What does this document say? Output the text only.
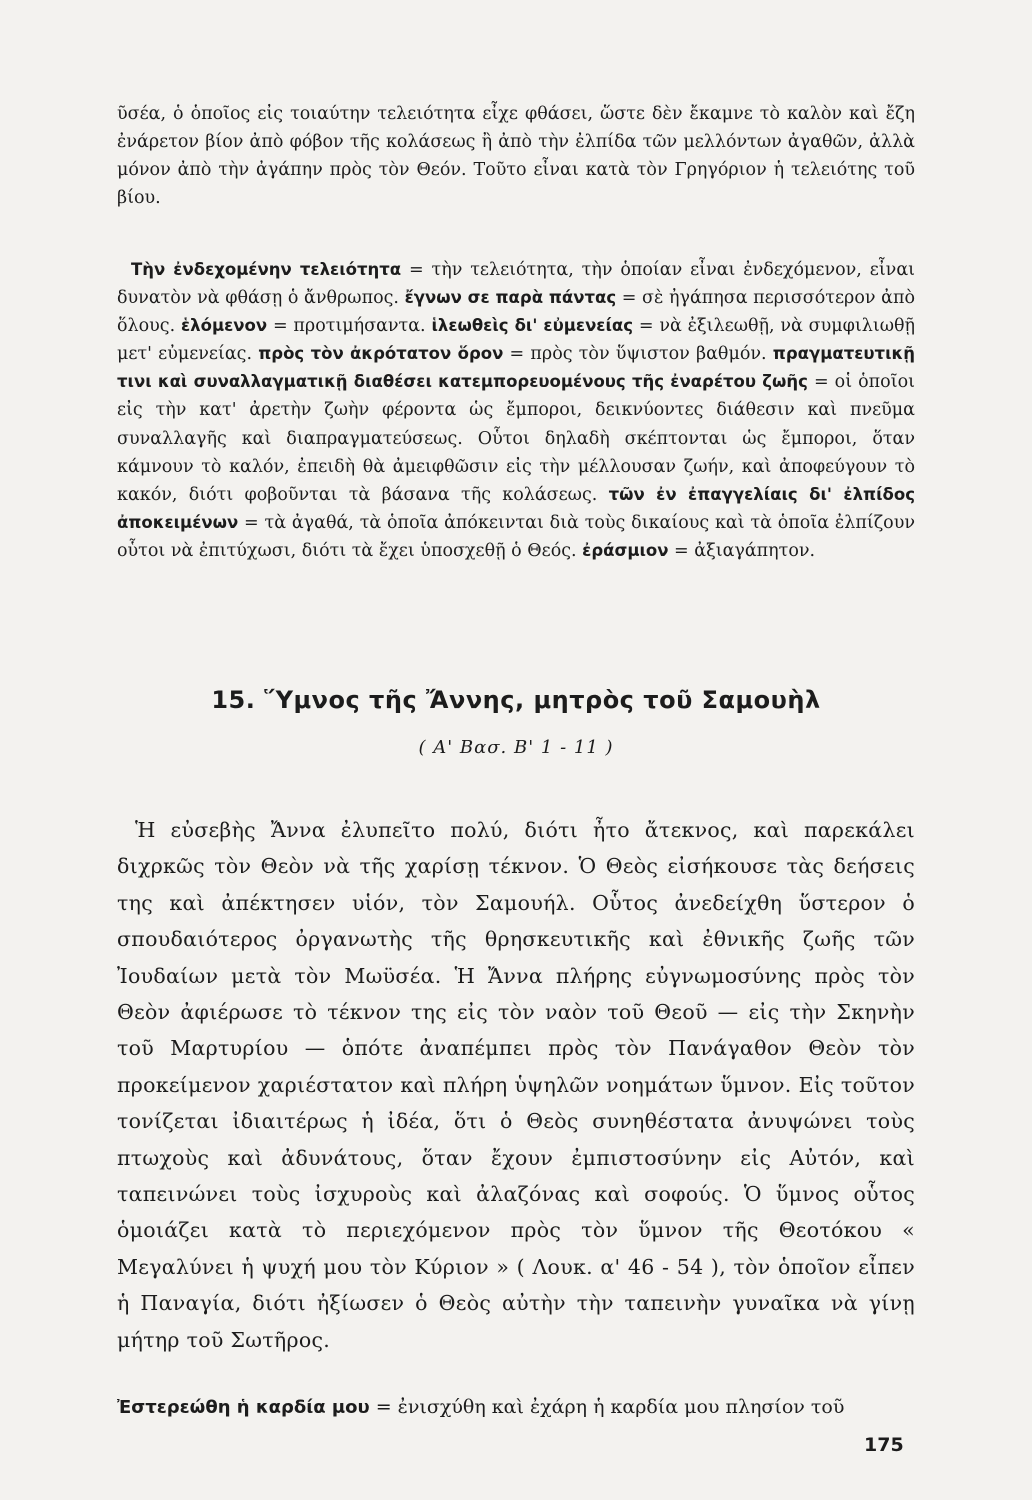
ῦσέα, ὁ ὁποῖος εἰς τοιαύτην τελειότητα εἶχε φθάσει, ὥστε δὲν ἔκαμνε τὸ καλὸν καὶ ἔζη ἐνάρετον βίον ἀπὸ φόβον τῆς κολάσεως ἢ ἀπὸ τὴν ἐλπίδα τῶν μελλόντων ἀγαθῶν, ἀλλὰ μόνον ἀπὸ τὴν ἀγάπην πρὸς τὸν Θεόν. Τοῦτο εἶναι κατὰ τὸν Γρηγόριον ἡ τελειότης τοῦ βίου.

Τὴν ἐνδεχομένην τελειότητα = τὴν τελειότητα, τὴν ὁποίαν εἶναι ἐνδεχόμενον, εἶναι δυνατὸν νὰ φθάσῃ ὁ ἄνθρωπος. ἔγνων σε παρὰ πάντας = σὲ ἠγάπησα περισσότερον ἀπὸ ὅλους. ἑλόμενον = προτιμήσαντα. ἱλεωθεὶς δι' εὐμενείας = νὰ ἐξιλεωθῇ, νὰ συμφιλιωθῇ μετ' εὐμενείας. πρὸς τὸν ἀκρότατον ὅρον = πρὸς τὸν ὕψιστον βαθμόν. πραγματευτικῇ τινι καὶ συναλλαγματικῇ διαθέσει κατεμπορευομένους τῆς ἐναρέτου ζωῆς = οἱ ὁποῖοι εἰς τὴν κατ' ἀρετὴν ζωὴν φέροντα ὡς ἔμποροι, δεικνύοντες διάθεσιν καὶ πνεῦμα συναλλαγῆς καὶ διαπραγματεύσεως. Οὗτοι δηλαδὴ σκέπτονται ὡς ἔμποροι, ὅταν κάμνουν τὸ καλόν, ἐπειδὴ θὰ ἀμειφθῶσιν εἰς τὴν μέλλουσαν ζωήν, καὶ ἀποφεύγουν τὸ κακόν, διότι φοβοῦνται τὰ βάσανα τῆς κολάσεως. τῶν ἐν ἐπαγγελίαις δι' ἐλπίδος ἀποκειμένων = τὰ ἀγαθά, τὰ ὁποῖα ἀπόκεινται διὰ τοὺς δικαίους καὶ τὰ ὁποῖα ἐλπίζουν οὗτοι νὰ ἐπιτύχωσι, διότι τὰ ἔχει ὑποσχεθῇ ὁ Θεός. ἐράσμιον = ἀξιαγάπητον.

15. Ὕμνος τῆς Ἄννης, μητρὸς τοῦ Σαμουὴλ
( Α' Βασ. Β' 1 - 11 )

Ἡ εὐσεβὴς Ἄννα ἐλυπεῖτο πολύ, διότι ἦτο ἄτεκνος, καὶ παρεκάλει διχρκῶς τὸν Θεὸν νὰ τῆς χαρίσῃ τέκνον. Ὁ Θεὸς εἰσήκουσε τὰς δεήσεις της καὶ ἀπέκτησεν υἱόν, τὸν Σαμουήλ. Οὗτος ἀνεδείχθη ὕστερον ὁ σπουδαιότερος ὀργανωτὴς τῆς θρησκευτικῆς καὶ ἐθνικῆς ζωῆς τῶν Ἰουδαίων μετὰ τὸν Μωϋσέα. Ἡ Ἄννα πλήρης εὐγνωμοσύνης πρὸς τὸν Θεὸν ἀφιέρωσε τὸ τέκνον της εἰς τὸν ναὸν τοῦ Θεοῦ — εἰς τὴν Σκηνὴν τοῦ Μαρτυρίου — ὁπότε ἀναπέμπει πρὸς τὸν Πανάγαθον Θεὸν τὸν προκείμενον χαριέστατον καὶ πλήρη ὑψηλῶν νοημάτων ὕμνον. Εἰς τοῦτον τονίζεται ἰδιαιτέρως ἡ ἰδέα, ὅτι ὁ Θεὸς συνηθέστατα ἀνυψώνει τοὺς πτωχοὺς καὶ ἀδυνάτους, ὅταν ἔχουν ἐμπιστοσύνην εἰς Αὐτόν, καὶ ταπεινώνει τοὺς ἰσχυροὺς καὶ ἀλαζόνας καὶ σοφούς. Ὁ ὕμνος οὗτος ὁμοιάζει κατὰ τὸ περιεχόμενον πρὸς τὸν ὕμνον τῆς Θεοτόκου « Μεγαλύνει ἡ ψυχή μου τὸν Κύριον » ( Λουκ. α' 46 - 54 ), τὸν ὁποῖον εἶπεν ἡ Παναγία, διότι ἠξίωσεν ὁ Θεὸς αὐτὴν τὴν ταπεινὴν γυναῖκα νὰ γίνῃ μήτηρ τοῦ Σωτῆρος.

Ἐστερεώθη ἡ καρδία μου = ἐνισχύθη καὶ ἐχάρη ἡ καρδία μου πλησίον τοῦ
175
